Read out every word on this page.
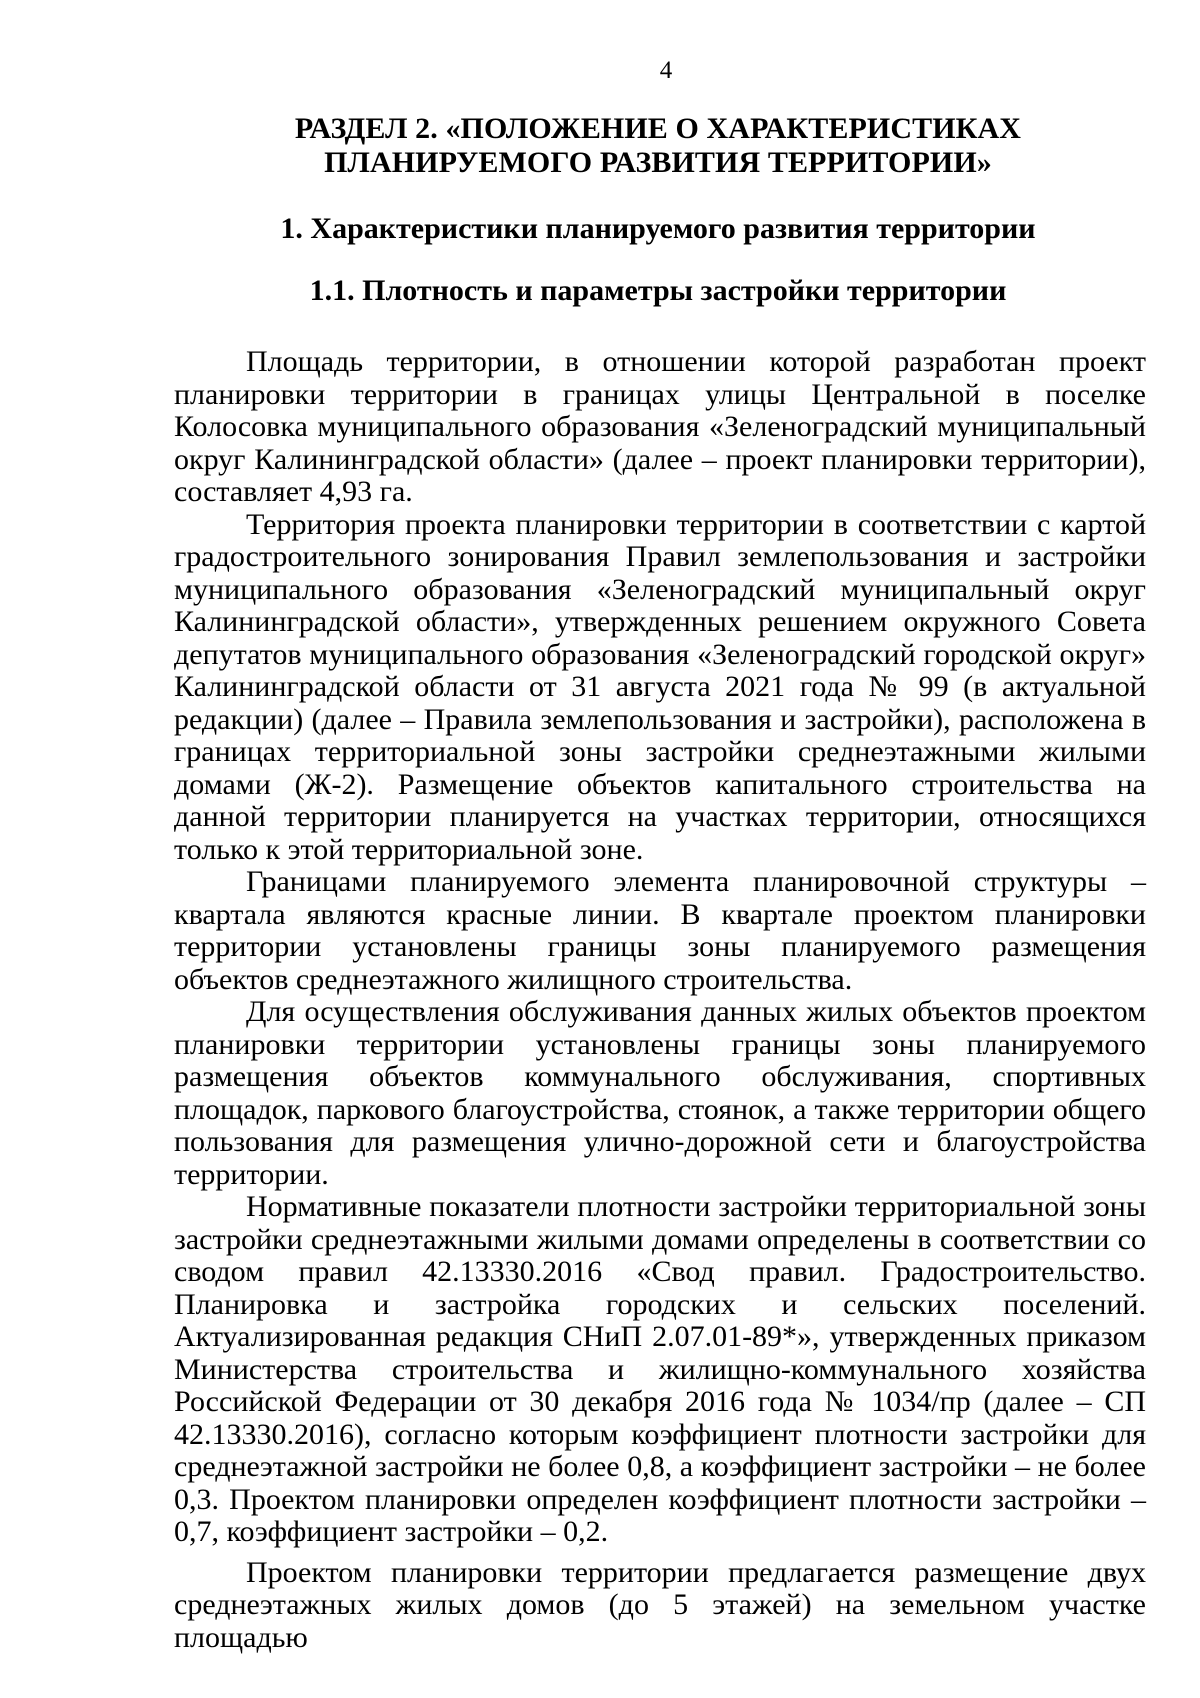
4
РАЗДЕЛ 2. «ПОЛОЖЕНИЕ О ХАРАКТЕРИСТИКАХ ПЛАНИРУЕМОГО РАЗВИТИЯ ТЕРРИТОРИИ»
1. Характеристики планируемого развития территории
1.1. Плотность и параметры застройки территории

Площадь территории, в отношении которой разработан проект планировки территории в границах улицы Центральной в поселке Колосовка муниципального образования «Зеленоградский муниципальный округ Калининградской области» (далее – проект планировки территории), составляет 4,93 га.

Территория проекта планировки территории в соответствии с картой градостроительного зонирования Правил землепользования и застройки муниципального образования «Зеленоградский муниципальный округ Калининградской области», утвержденных решением окружного Совета депутатов муниципального образования «Зеленоградский городской округ» Калининградской области от 31 августа 2021 года № 99 (в актуальной редакции) (далее – Правила землепользования и застройки), расположена в границах территориальной зоны застройки среднеэтажными жилыми домами (Ж-2). Размещение объектов капитального строительства на данной территории планируется на участках территории, относящихся только к этой территориальной зоне.

Границами планируемого элемента планировочной структуры – квартала являются красные линии. В квартале проектом планировки территории установлены границы зоны планируемого размещения объектов среднеэтажного жилищного строительства.

Для осуществления обслуживания данных жилых объектов проектом планировки территории установлены границы зоны планируемого размещения объектов коммунального обслуживания, спортивных площадок, паркового благоустройства, стоянок, а также территории общего пользования для размещения улично-дорожной сети и благоустройства территории.

Нормативные показатели плотности застройки территориальной зоны застройки среднеэтажными жилыми домами определены в соответствии со сводом правил 42.13330.2016 «Свод правил. Градостроительство. Планировка и застройка городских и сельских поселений. Актуализированная редакция СНиП 2.07.01-89*», утвержденных приказом Министерства строительства и жилищно-коммунального хозяйства Российской Федерации от 30 декабря 2016 года № 1034/пр (далее – СП 42.13330.2016), согласно которым коэффициент плотности застройки для среднеэтажной застройки не более 0,8, а коэффициент застройки – не более 0,3. Проектом планировки определен коэффициент плотности застройки – 0,7, коэффициент застройки – 0,2.

Проектом планировки территории предлагается размещение двух среднеэтажных жилых домов (до 5 этажей) на земельном участке площадью
